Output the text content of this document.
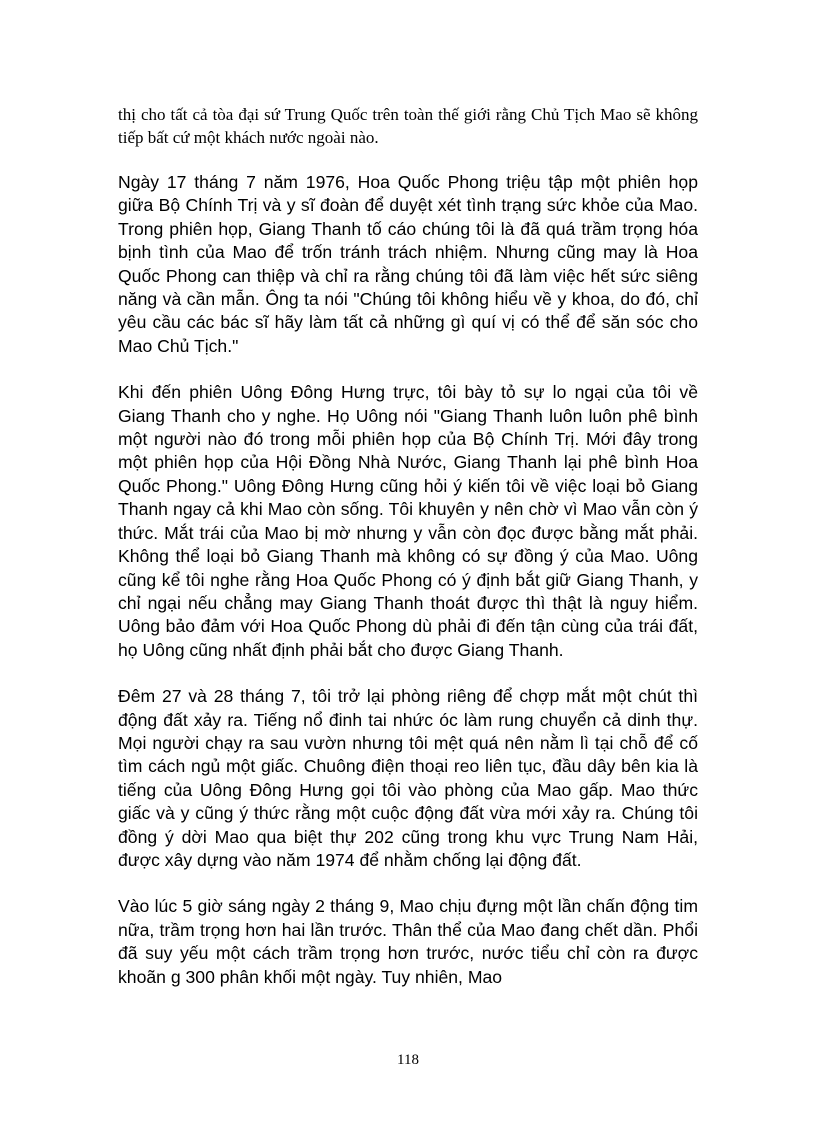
thị cho tất cả tòa đại sứ Trung Quốc trên toàn thế giới rằng Chủ Tịch Mao sẽ không tiếp bất cứ một khách nước ngoài nào.

Ngày 17 tháng 7 năm 1976, Hoa Quốc Phong triệu tập một phiên họp giữa Bộ Chính Trị và y sĩ đoàn để duyệt xét tình trạng sức khỏe của Mao. Trong phiên họp, Giang Thanh tố cáo chúng tôi là đã quá trầm trọng hóa bịnh tình của Mao để trốn tránh trách nhiệm. Nhưng cũng may là Hoa Quốc Phong can thiệp và chỉ ra rằng chúng tôi đã làm việc hết sức siêng năng và cần mẫn. Ông ta nói "Chúng tôi không hiểu về y khoa, do đó, chỉ yêu cầu các bác sĩ hãy làm tất cả những gì quí vị có thể để săn sóc cho Mao Chủ Tịch."

Khi đến phiên Uông Đông Hưng trực, tôi bày tỏ sự lo ngại của tôi về Giang Thanh cho y nghe. Họ Uông nói "Giang Thanh luôn luôn phê bình một người nào đó trong mỗi phiên họp của Bộ Chính Trị. Mới đây trong một phiên họp của Hội Đồng Nhà Nước, Giang Thanh lại phê bình Hoa Quốc Phong." Uông Đông Hưng cũng hỏi ý kiến tôi về việc loại bỏ Giang Thanh ngay cả khi Mao còn sống. Tôi khuyên y nên chờ vì Mao vẫn còn ý thức. Mắt trái của Mao bị mờ nhưng y vẫn còn đọc được bằng mắt phải. Không thể loại bỏ Giang Thanh mà không có sự đồng ý của Mao. Uông cũng kể tôi nghe rằng Hoa Quốc Phong có ý định bắt giữ Giang Thanh, y chỉ ngại nếu chẳng may Giang Thanh thoát được thì thật là nguy hiểm. Uông bảo đảm với Hoa Quốc Phong dù phải đi đến tận cùng của trái đất, họ Uông cũng nhất định phải bắt cho được Giang Thanh.

Đêm 27 và 28 tháng 7, tôi trở lại phòng riêng để chợp mắt một chút thì động đất xảy ra. Tiếng nổ đinh tai nhức óc làm rung chuyển cả dinh thự. Mọi người chạy ra sau vườn nhưng tôi mệt quá nên nằm lì tại chỗ để cố tìm cách ngủ một giấc. Chuông điện thoại reo liên tục, đầu dây bên kia là tiếng của Uông Đông Hưng gọi tôi vào phòng của Mao gấp. Mao thức giấc và y cũng ý thức rằng một cuộc động đất vừa mới xảy ra. Chúng tôi đồng ý dời Mao qua biệt thự 202 cũng trong khu vực Trung Nam Hải, được xây dựng vào năm 1974 để nhằm chống lại động đất.

Vào lúc 5 giờ sáng ngày 2 tháng 9, Mao chịu đựng một lần chấn động tim nữa, trầm trọng hơn hai lần trước. Thân thể của Mao đang chết dần. Phổi đã suy yếu một cách trầm trọng hơn trước, nước tiểu chỉ còn ra được khoãn g 300 phân khối một ngày. Tuy nhiên, Mao

118
